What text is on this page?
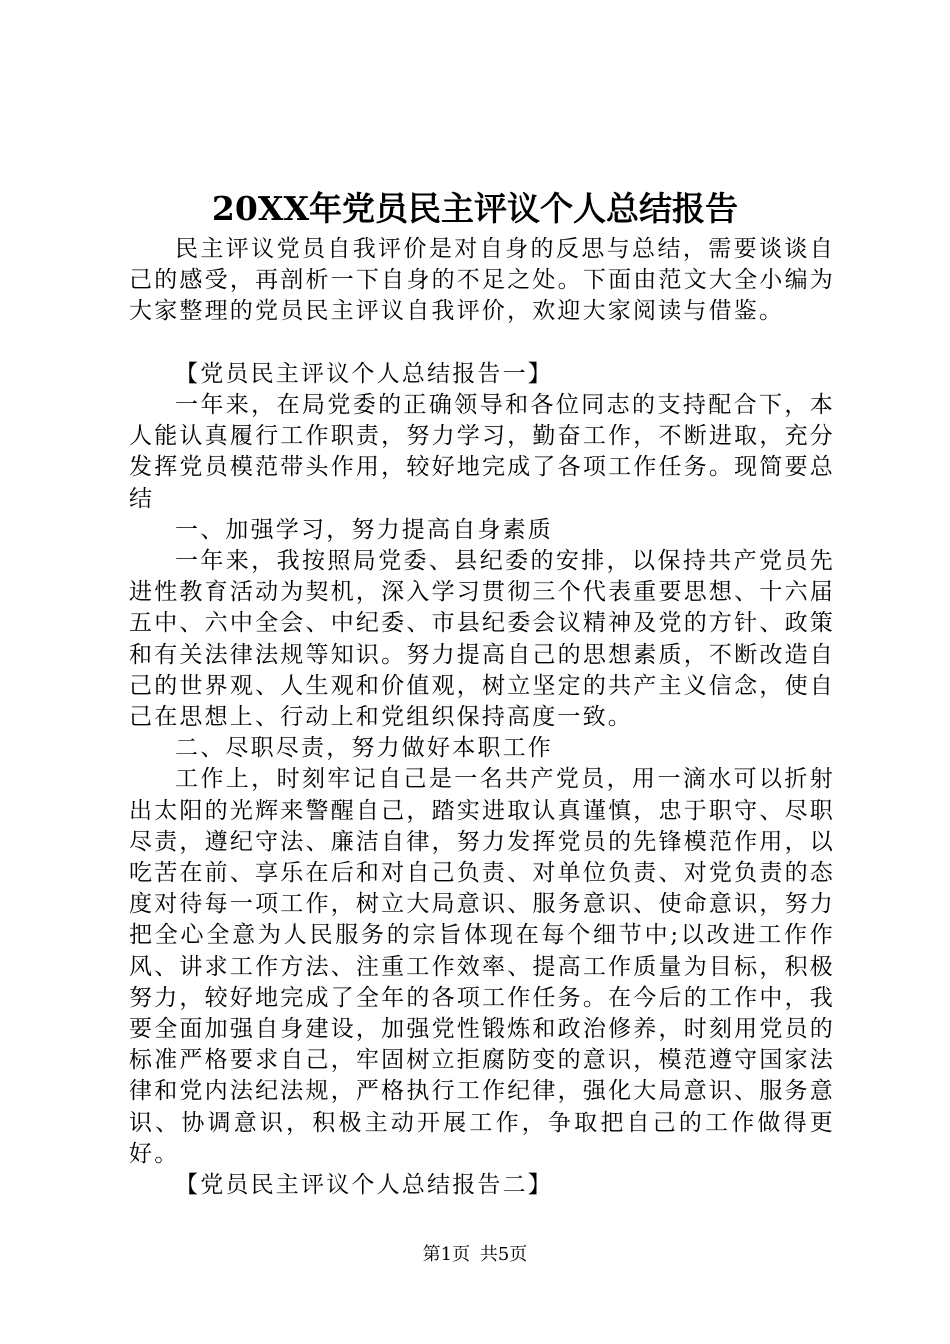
20XX年党员民主评议个人总结报告

民主评议党员自我评价是对自身的反思与总结，需要谈谈自己的感受，再剖析一下自身的不足之处。下面由范文大全小编为大家整理的党员民主评议自我评价，欢迎大家阅读与借鉴。

【党员民主评议个人总结报告一】

一年来，在局党委的正确领导和各位同志的支持配合下，本人能认真履行工作职责，努力学习，勤奋工作，不断进取，充分发挥党员模范带头作用，较好地完成了各项工作任务。现简要总结

一、加强学习，努力提高自身素质

一年来，我按照局党委、县纪委的安排，以保持共产党员先进性教育活动为契机，深入学习贯彻三个代表重要思想、十六届五中、六中全会、中纪委、市县纪委会议精神及党的方针、政策和有关法律法规等知识。努力提高自己的思想素质，不断改造自己的世界观、人生观和价值观，树立坚定的共产主义信念，使自己在思想上、行动上和党组织保持高度一致。

二、尽职尽责，努力做好本职工作

工作上，时刻牢记自己是一名共产党员，用一滴水可以折射出太阳的光辉来警醒自己，踏实进取认真谨慎，忠于职守、尽职尽责，遵纪守法、廉洁自律，努力发挥党员的先锋模范作用，以吃苦在前、享乐在后和对自己负责、对单位负责、对党负责的态度对待每一项工作，树立大局意识、服务意识、使命意识，努力把全心全意为人民服务的宗旨体现在每个细节中;以改进工作作风、讲求工作方法、注重工作效率、提高工作质量为目标，积极努力，较好地完成了全年的各项工作任务。在今后的工作中，我要全面加强自身建设，加强党性锻炼和政治修养，时刻用党员的标准严格要求自己，牢固树立拒腐防变的意识，模范遵守国家法律和党内法纪法规，严格执行工作纪律，强化大局意识、服务意识、协调意识，积极主动开展工作，争取把自己的工作做得更好。

【党员民主评议个人总结报告二】

第1页 共5页
